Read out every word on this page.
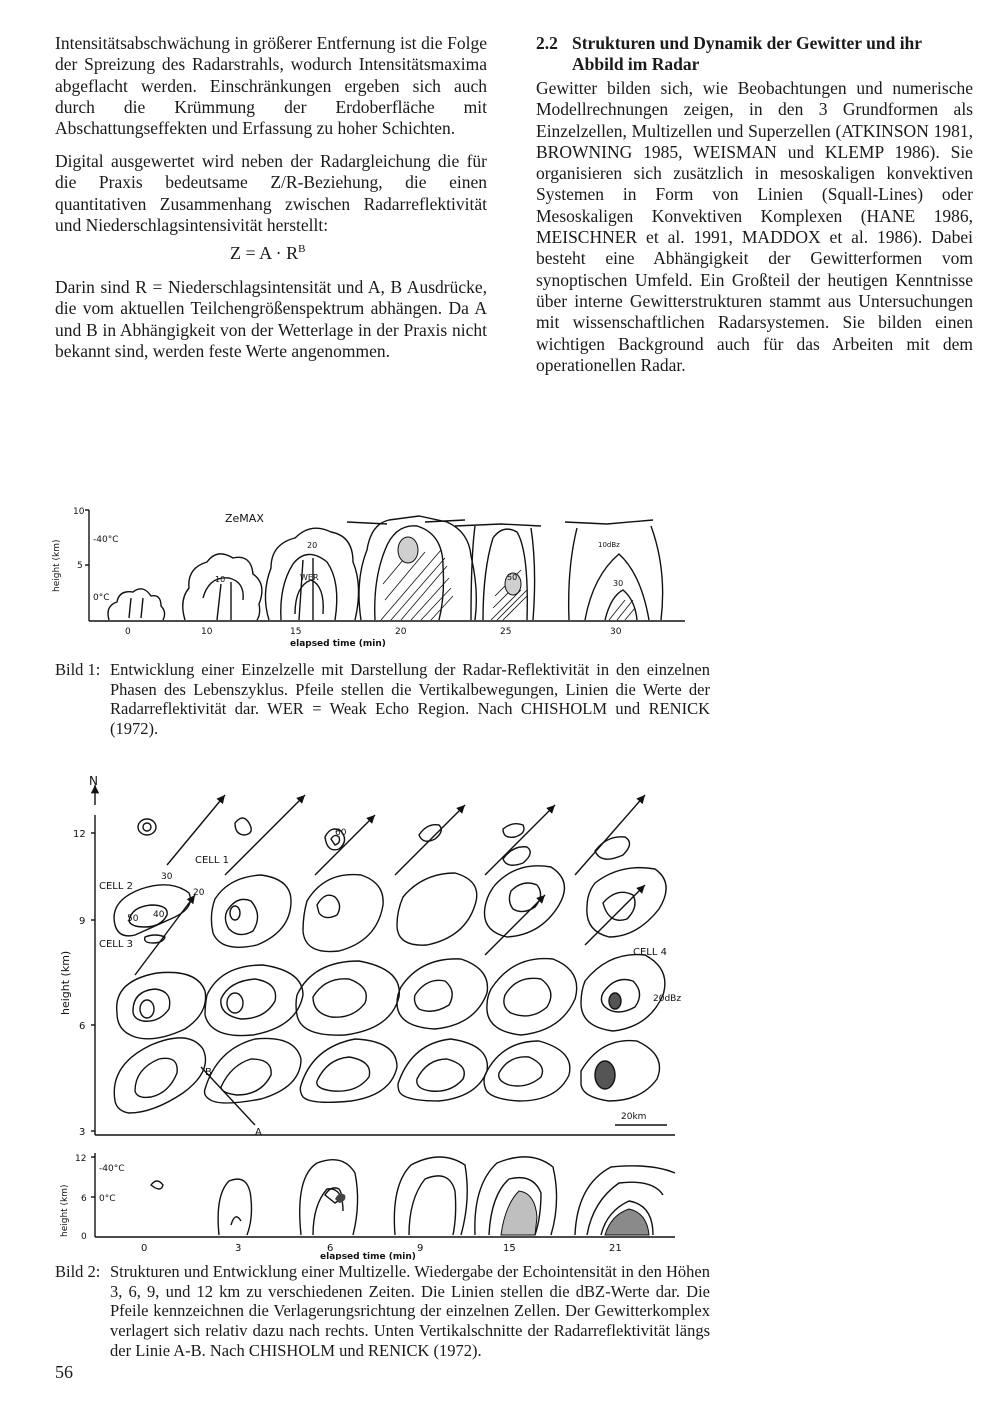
Intensitätsabschwächung in größerer Entfernung ist die Folge der Spreizung des Radarstrahls, wodurch Intensitätsmaxima abgeflacht werden. Einschränkungen ergeben sich auch durch die Krümmung der Erdoberfläche mit Abschattungseffekten und Erfassung zu hoher Schichten.

Digital ausgewertet wird neben der Radargleichung die für die Praxis bedeutsame Z/R-Beziehung, die einen quantitativen Zusammenhang zwischen Radarreflektivität und Niederschlagsintensivität herstellt:

$Z = A \cdot R^B$

Darin sind R = Niederschlagsintensität und A, B Ausdrücke, die vom aktuellen Teilchengrößenspektrum abhängen. Da A und B in Abhängigkeit von der Wetterlage in der Praxis nicht bekannt sind, werden feste Werte angenommen.

2.2 Strukturen und Dynamik der Gewitter und ihr Abbild im Radar

Gewitter bilden sich, wie Beobachtungen und numerische Modellrechnungen zeigen, in den 3 Grundformen als Einzelzellen, Multizellen und Superzellen (ATKINSON 1981, BROWNING 1985, WEISMAN und KLEMP 1986). Sie organisieren sich zusätzlich in mesoskaligen konvektiven Systemen in Form von Linien (Squall-Lines) oder Mesoskaligen Konvektiven Komplexen (HANE 1986, MEISCHNER et al. 1991, MADDOX et al. 1986). Dabei besteht eine Abhängigkeit der Gewitterformen vom synoptischen Umfeld. Ein Großteil der heutigen Kenntnisse über interne Gewitterstrukturen stammt aus Untersuchungen mit wissenschaftlichen Radarsystemen. Sie bilden einen wichtigen Background auch für das Arbeiten mit dem operationellen Radar.

10
5
height (km)	-40°C
0°C
ZeMAX
WER
10dBz
10
20
30
50
0	10	15	20	25	30
elapsed time (min)
Bild 1: Entwicklung einer Einzelzelle mit Darstellung der Radar-Reflektivität in den einzelnen Phasen des Lebenszyklus. Pfeile stellen die Vertikalbewegungen, Linien die Werte der Radarreflektivität dar. WER = Weak Echo Region. Nach CHISHOLM und RENICK (1972).
N
12
9
6
3
height (km)
CELL 1
CELL 2
CELL 3
CELL 4
20
30
40
50
60
20dBz
20km
A
B
12
6
0
height (km)
-40°C
0°C
0	3	6	9	15	21
elapsed time (min)
Bild 2: Strukturen und Entwicklung einer Multizelle. Wiedergabe der Echointensität in den Höhen 3, 6, 9, und 12 km zu verschiedenen Zeiten. Die Linien stellen die dBZ-Werte dar. Die Pfeile kennzeichnen die Verlagerungsrichtung der einzelnen Zellen. Der Gewitterkomplex verlagert sich relativ dazu nach rechts. Unten Vertikalschnitte der Radarreflektivität längs der Linie A-B. Nach CHISHOLM und RENICK (1972).
56
